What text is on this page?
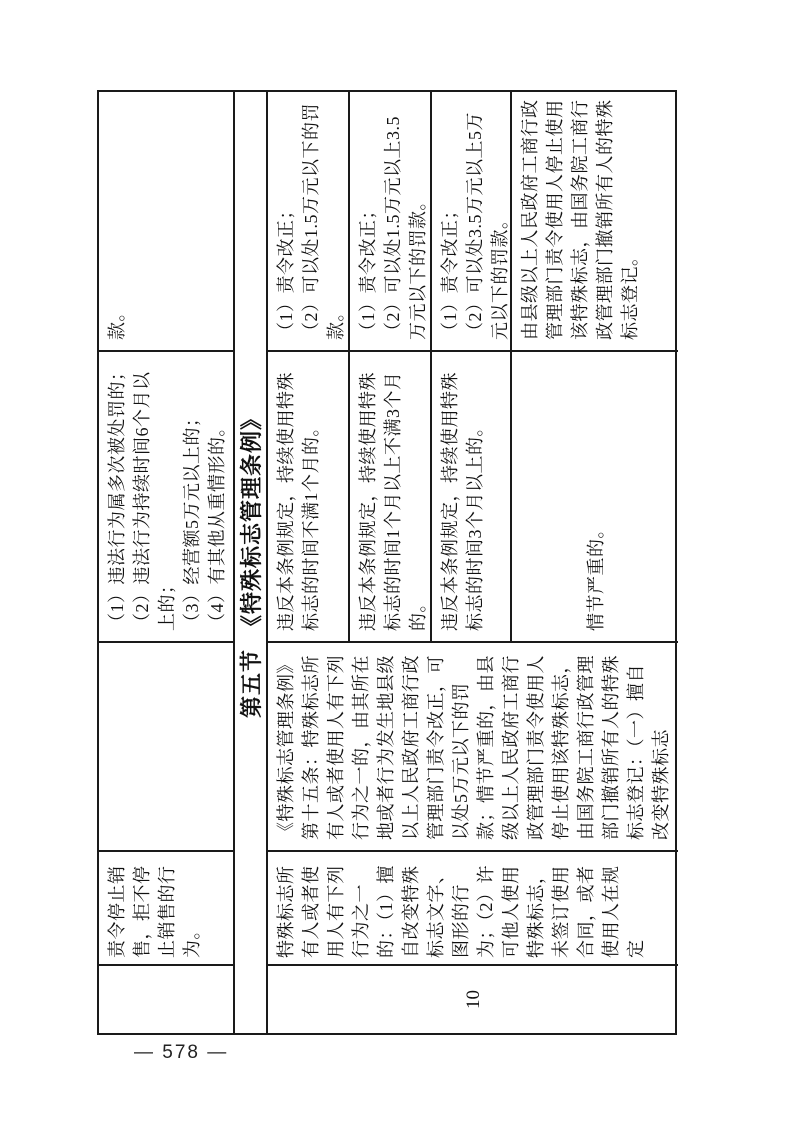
责令停止销售，拒不停止销售的行为。
（1）违法行为属多次被处罚的； （2）违法行为持续时间6个月以上的； （3）经营额5万元以上的； （4）有其他从重情形的。
款。
第五节　《特殊标志管理条例》
10
特殊标志所有人或者使用人有下列行为之一的：（1）擅自改变特殊标志文字、图形的行为；（2）许可他人使用特殊标志，未签订使用合同，或者使用人在规定
《特殊标志管理条例》第十五条：特殊标志所有人或者使用人有下列行为之一的，由其所在地或者行为发生地县级以上人民政府工商行政管理部门责令改正，可以处5万元以下的罚款；情节严重的，由县级以上人民政府工商行政管理部门责令使用人停止使用该特殊标志，由国务院工商行政管理部门撤销所有人的特殊标志登记：（一）擅自改变特殊标志
违反本条例规定，持续使用特殊标志的时间不满1个月的。	违反本条例规定，持续使用特殊标志的时间1个月以上不满3个月的。 违反本条例规定，持续使用特殊标志的时间3个月以上的。	情节严重的。
（1）责令改正； （2）可以处1.5万元以下的罚款。 （1）责令改正； （2）可以处1.5万元以上3.5万元以下的罚款。 （1）责令改正； （2）可以处3.5万元以上5万元以下的罚款。 由县级以上人民政府工商行政管理部门责令使用人停止使用该特殊标志，由国务院工商行政管理部门撤销所有人的特殊标志登记。
— 578 —
